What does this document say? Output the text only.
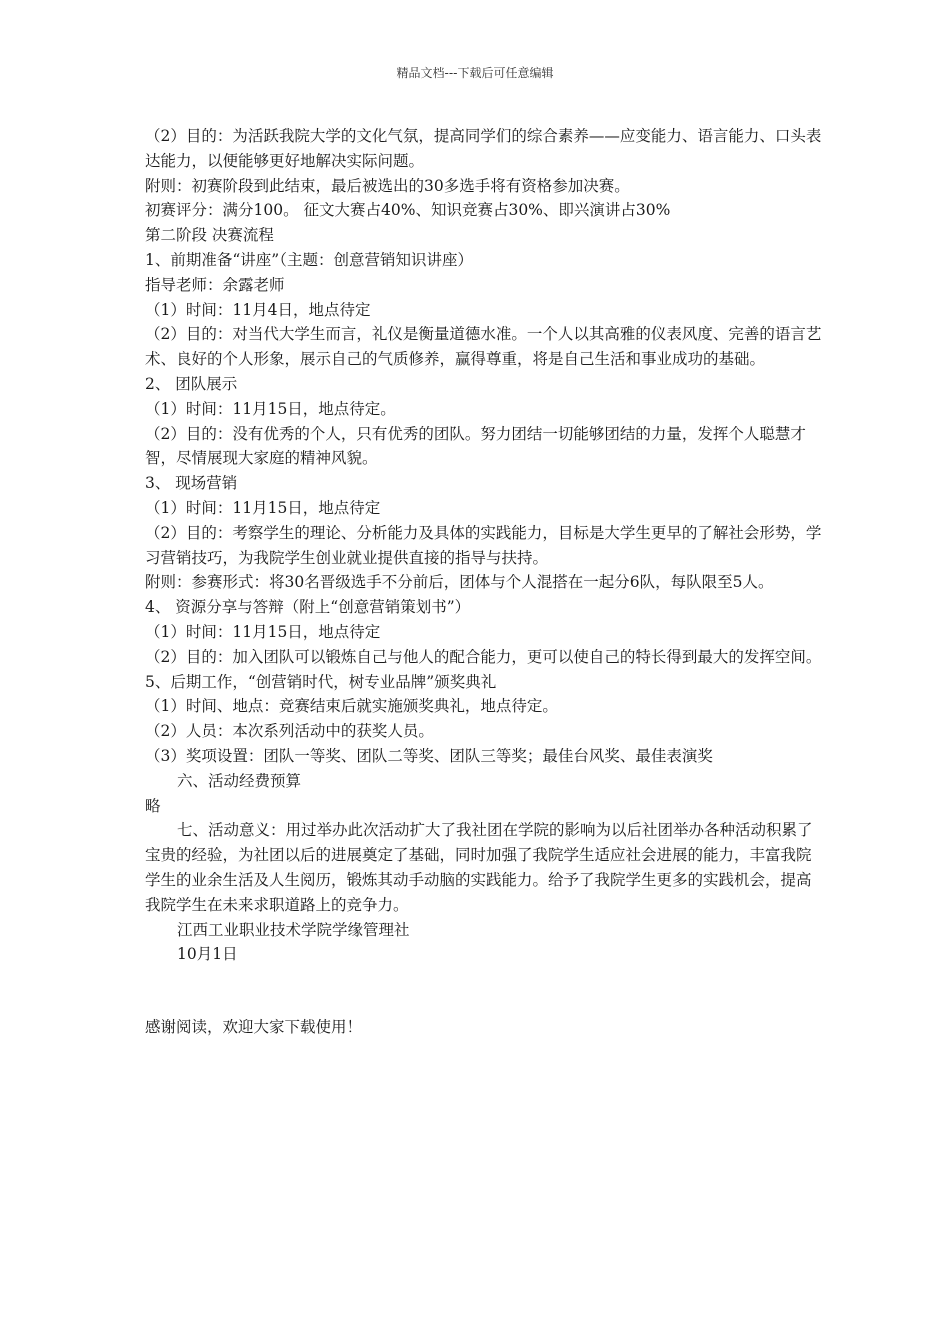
精品文档---下载后可任意编辑

（2）目的：为活跃我院大学的文化气氛，提高同学们的综合素养——应变能力、语言能力、口头表达能力，以便能够更好地解决实际问题。

附则：初赛阶段到此结束，最后被选出的30多选手将有资格参加决赛。

初赛评分：满分100。 征文大赛占40%、知识竞赛占30%、即兴演讲占30%

第二阶段 决赛流程

1、前期准备“讲座”（主题：创意营销知识讲座）

指导老师：余露老师

（1）时间：11月4日，地点待定

（2）目的：对当代大学生而言，礼仪是衡量道德水准。一个人以其高雅的仪表风度、完善的语言艺术、良好的个人形象，展示自己的气质修养，赢得尊重，将是自己生活和事业成功的基础。

2、 团队展示

（1）时间：11月15日，地点待定。

（2）目的：没有优秀的个人，只有优秀的团队。努力团结一切能够团结的力量，发挥个人聪慧才智，尽情展现大家庭的精神风貌。

3、 现场营销

（1）时间：11月15日，地点待定

（2）目的：考察学生的理论、分析能力及具体的实践能力，目标是大学生更早的了解社会形势，学习营销技巧，为我院学生创业就业提供直接的指导与扶持。

附则：参赛形式：将30名晋级选手不分前后，团体与个人混搭在一起分6队，每队限至5人。

4、 资源分享与答辩（附上“创意营销策划书”）

（1）时间：11月15日，地点待定

（2）目的：加入团队可以锻炼自己与他人的配合能力，更可以使自己的特长得到最大的发挥空间。

5、后期工作，“创营销时代，树专业品牌”颁奖典礼

（1）时间、地点：竞赛结束后就实施颁奖典礼，地点待定。

（2）人员：本次系列活动中的获奖人员。

（3）奖项设置：团队一等奖、团队二等奖、团队三等奖；最佳台风奖、最佳表演奖

六、活动经费预算

略

七、活动意义：用过举办此次活动扩大了我社团在学院的影响为以后社团举办各种活动积累了宝贵的经验，为社团以后的进展奠定了基础，同时加强了我院学生适应社会进展的能力，丰富我院学生的业余生活及人生阅历，锻炼其动手动脑的实践能力。给予了我院学生更多的实践机会，提高我院学生在未来求职道路上的竞争力。

江西工业职业技术学院学缘管理社

10月1日

感谢阅读，欢迎大家下载使用！
